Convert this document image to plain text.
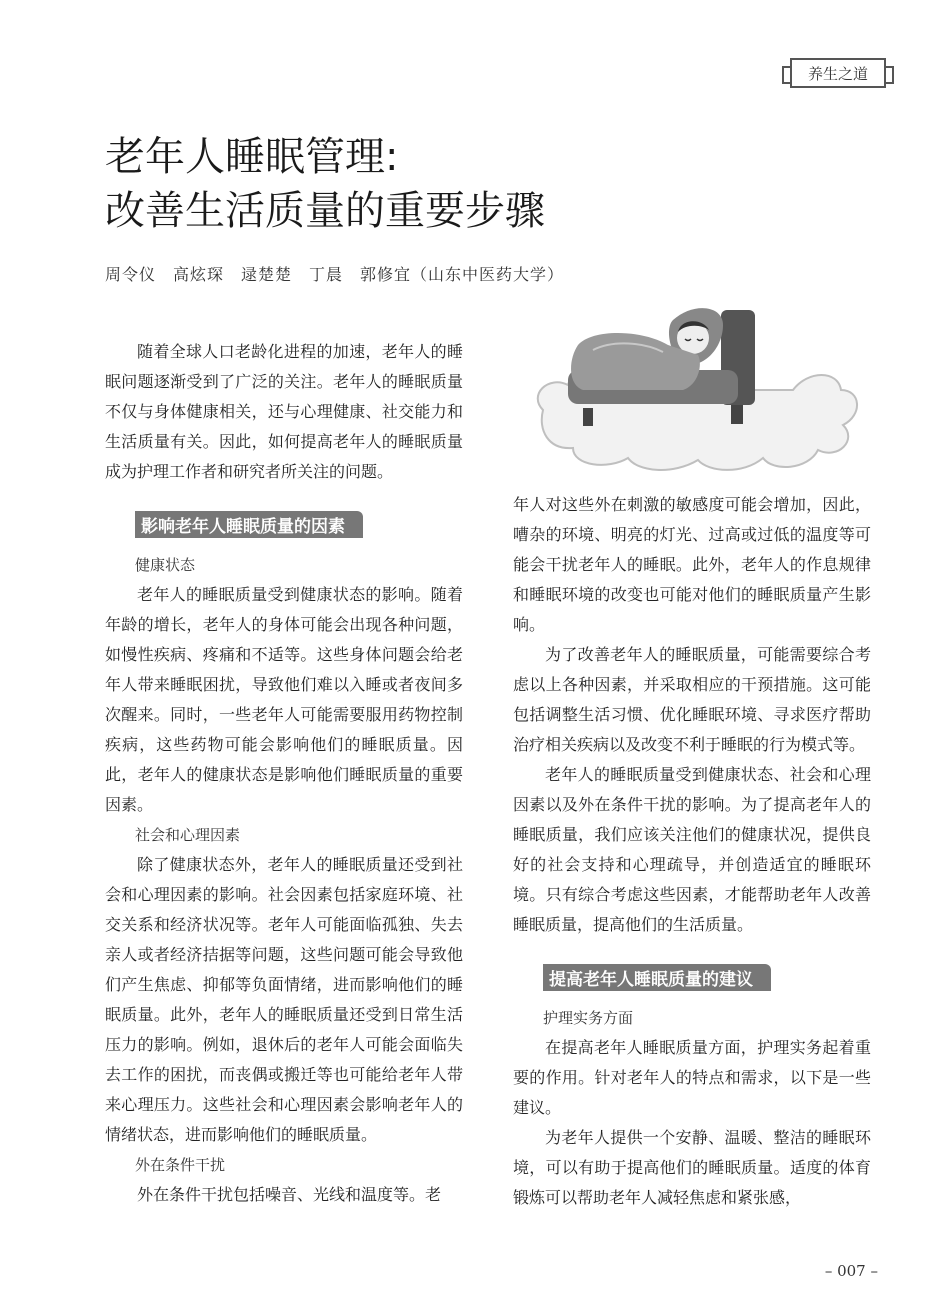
养生之道
老年人睡眠管理:
改善生活质量的重要步骤
周令仪　高炫琛　逯楚楚　丁晨　郭修宜（山东中医药大学）

随着全球人口老龄化进程的加速，老年人的睡眠问题逐渐受到了广泛的关注。老年人的睡眠质量不仅与身体健康相关，还与心理健康、社交能力和生活质量有关。因此，如何提高老年人的睡眠质量成为护理工作者和研究者所关注的问题。

影响老年人睡眠质量的因素

健康状态

老年人的睡眠质量受到健康状态的影响。随着年龄的增长，老年人的身体可能会出现各种问题，如慢性疾病、疼痛和不适等。这些身体问题会给老年人带来睡眠困扰，导致他们难以入睡或者夜间多次醒来。同时，一些老年人可能需要服用药物控制疾病，这些药物可能会影响他们的睡眠质量。因此，老年人的健康状态是影响他们睡眠质量的重要因素。

社会和心理因素

除了健康状态外，老年人的睡眠质量还受到社会和心理因素的影响。社会因素包括家庭环境、社交关系和经济状况等。老年人可能面临孤独、失去亲人或者经济拮据等问题，这些问题可能会导致他们产生焦虑、抑郁等负面情绪，进而影响他们的睡眠质量。此外，老年人的睡眠质量还受到日常生活压力的影响。例如，退休后的老年人可能会面临失去工作的困扰，而丧偶或搬迁等也可能给老年人带来心理压力。这些社会和心理因素会影响老年人的情绪状态，进而影响他们的睡眠质量。

外在条件干扰

外在条件干扰包括噪音、光线和温度等。老

年人对这些外在刺激的敏感度可能会增加，因此，嘈杂的环境、明亮的灯光、过高或过低的温度等可能会干扰老年人的睡眠。此外，老年人的作息规律和睡眠环境的改变也可能对他们的睡眠质量产生影响。

为了改善老年人的睡眠质量，可能需要综合考虑以上各种因素，并采取相应的干预措施。这可能包括调整生活习惯、优化睡眠环境、寻求医疗帮助治疗相关疾病以及改变不利于睡眠的行为模式等。

老年人的睡眠质量受到健康状态、社会和心理因素以及外在条件干扰的影响。为了提高老年人的睡眠质量，我们应该关注他们的健康状况，提供良好的社会支持和心理疏导，并创造适宜的睡眠环境。只有综合考虑这些因素，才能帮助老年人改善睡眠质量，提高他们的生活质量。

提高老年人睡眠质量的建议

护理实务方面

在提高老年人睡眠质量方面，护理实务起着重要的作用。针对老年人的特点和需求，以下是一些建议。

为老年人提供一个安静、温暖、整洁的睡眠环境，可以有助于提高他们的睡眠质量。适度的体育锻炼可以帮助老年人减轻焦虑和紧张感，

– 007 –
